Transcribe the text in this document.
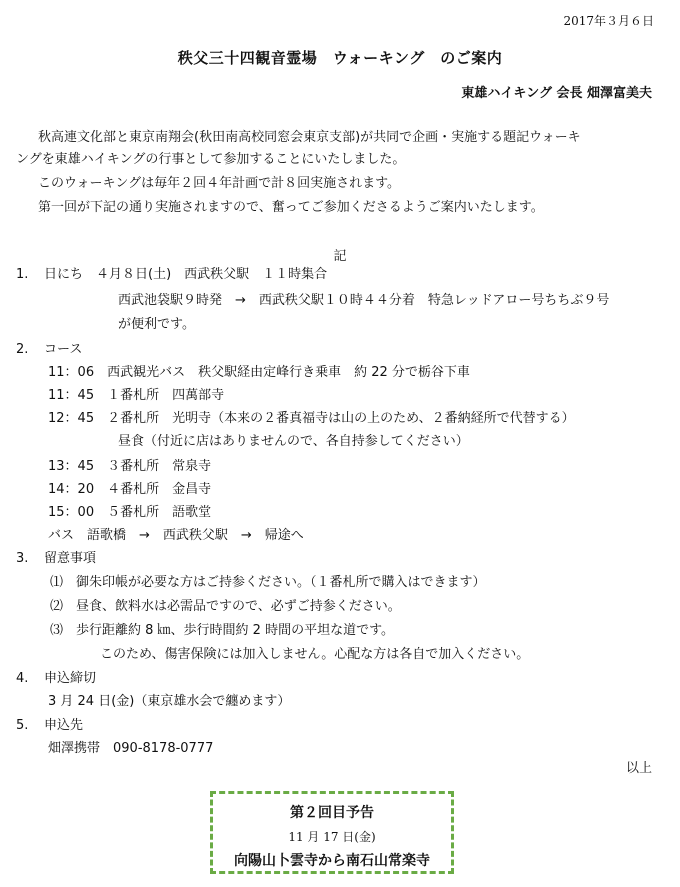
2017年３月６日
秩父三十四観音霊場　ウォーキング　のご案内
東雄ハイキング 会長 畑澤富美夫
秋高連文化部と東京南翔会(秋田南高校同窓会東京支部)が共同で企画・実施する題記ウォーキ
ングを東雄ハイキングの行事として参加することにいたしました。
このウォーキングは毎年２回４年計画で計８回実施されます。
第一回が下記の通り実施されますので、奮ってご参加くださるようご案内いたします。
記
1. 日にち　４月８日(土)　西武秩父駅　１１時集合
西武池袋駅９時発　→　西武秩父駅１０時４４分着　特急レッドアロー号ちちぶ９号
が便利です。
2. コース
11：06　西武観光バス　秩父駅経由定峰行き乗車　約 22 分で栃谷下車
11：45　１番札所　四萬部寺
12：45　２番札所　光明寺（本来の２番真福寺は山の上のため、２番納経所で代替する）
昼食（付近に店はありませんので、各自持参してください）
13：45　３番札所　常泉寺
14：20　４番札所　金昌寺
15：00　５番札所　語歌堂
バス　語歌橋　→　西武秩父駅　→　帰途へ
3. 留意事項
⑴ 御朱印帳が必要な方はご持参ください。（１番札所で購入はできます）
⑵ 昼食、飲料水は必需品ですので、必ずご持参ください。
⑶ 歩行距離約 8 ㎞、歩行時間約 2 時間の平坦な道です。
このため、傷害保険には加入しません。心配な方は各自で加入ください。
4. 申込締切
3 月 24 日(金)（東京雄水会で纏めます）
5. 申込先
畑澤携帯　090-8178-0777
以上
第２回目予告
11 月 17 日(金)
向陽山卜雲寺から南石山常楽寺
